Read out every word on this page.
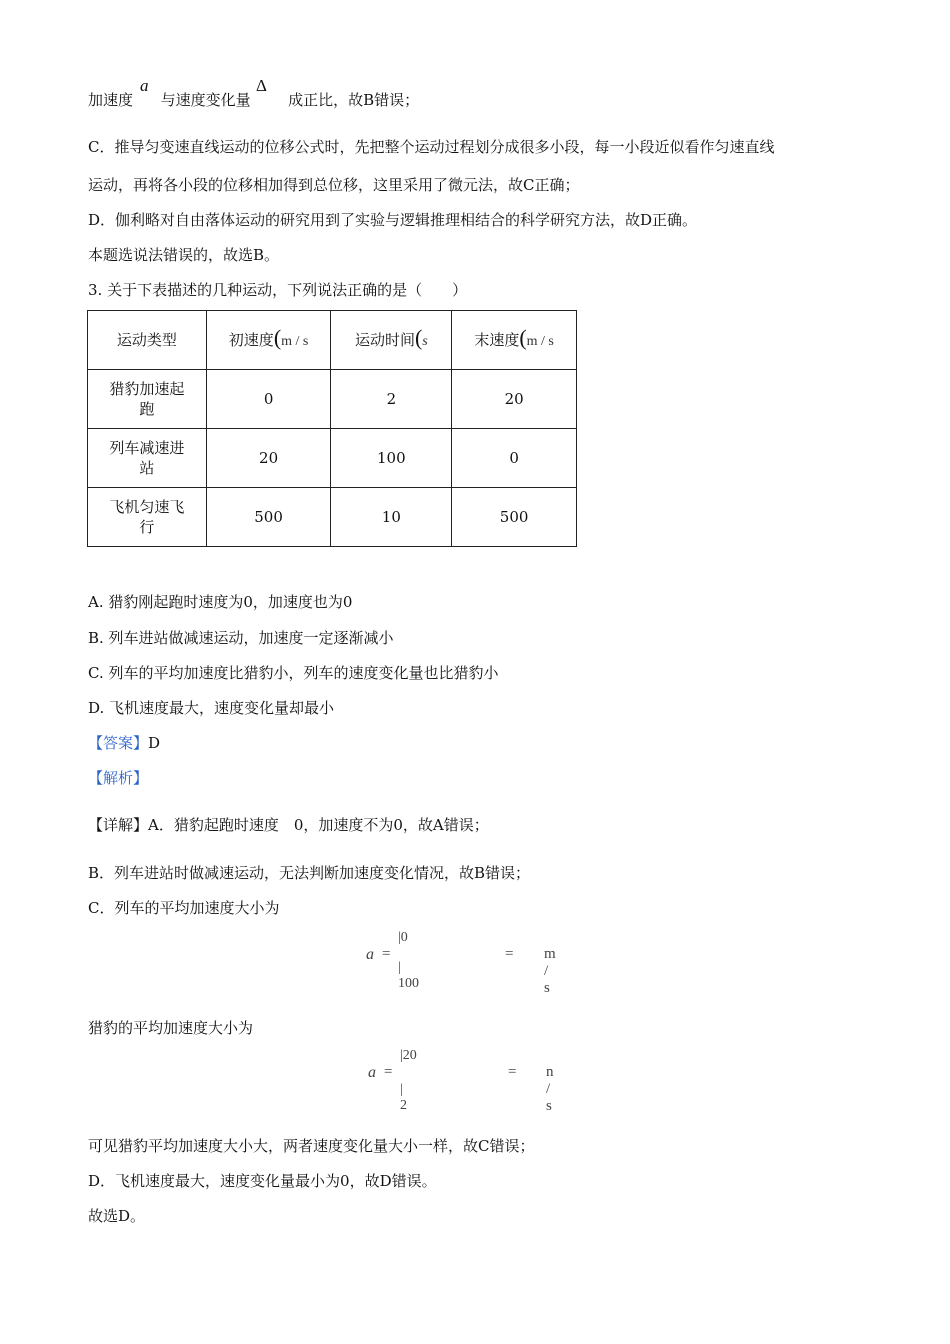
加速度 与速度变化量	成正比，故B错误；
a	Δ
C．推导匀变速直线运动的位移公式时，先把整个运动过程划分成很多小段，每一小段近似看作匀速直线
运动，再将各小段的位移相加得到总位移，这里采用了微元法，故C正确；
D．伽利略对自由落体运动的研究用到了实验与逻辑推理相结合的科学研究方法，故D正确。
本题选说法错误的，故选B。
3. 关于下表描述的几种运动，下列说法正确的是（　　）
运动类型	初速度(m / s	运动时间(s	末速度(m / s
猎豹加速起
跑	0	2	20
列车减速进
站	20	100	0
飞机匀速飞
行	500	10	500
A. 猎豹刚起跑时速度为0，加速度也为0
B. 列车进站做减速运动，加速度一定逐渐减小
C. 列车的平均加速度比猎豹小，列车的速度变化量也比猎豹小
D. 飞机速度最大，速度变化量却最小
【答案】D
【解析】
【详解】A．猎豹起跑时速度　0，加速度不为0，故A错误；
B．列车进站时做减速运动，无法判断加速度变化情况，故B错误；
C．列车的平均加速度大小为
a =
|0
| 100
= m / s
猎豹的平均加速度大小为
a =
|20
|　2
= n / s
可见猎豹平均加速度大小大，两者速度变化量大小一样，故C错误；
D．飞机速度最大，速度变化量最小为0，故D错误。
故选D。
